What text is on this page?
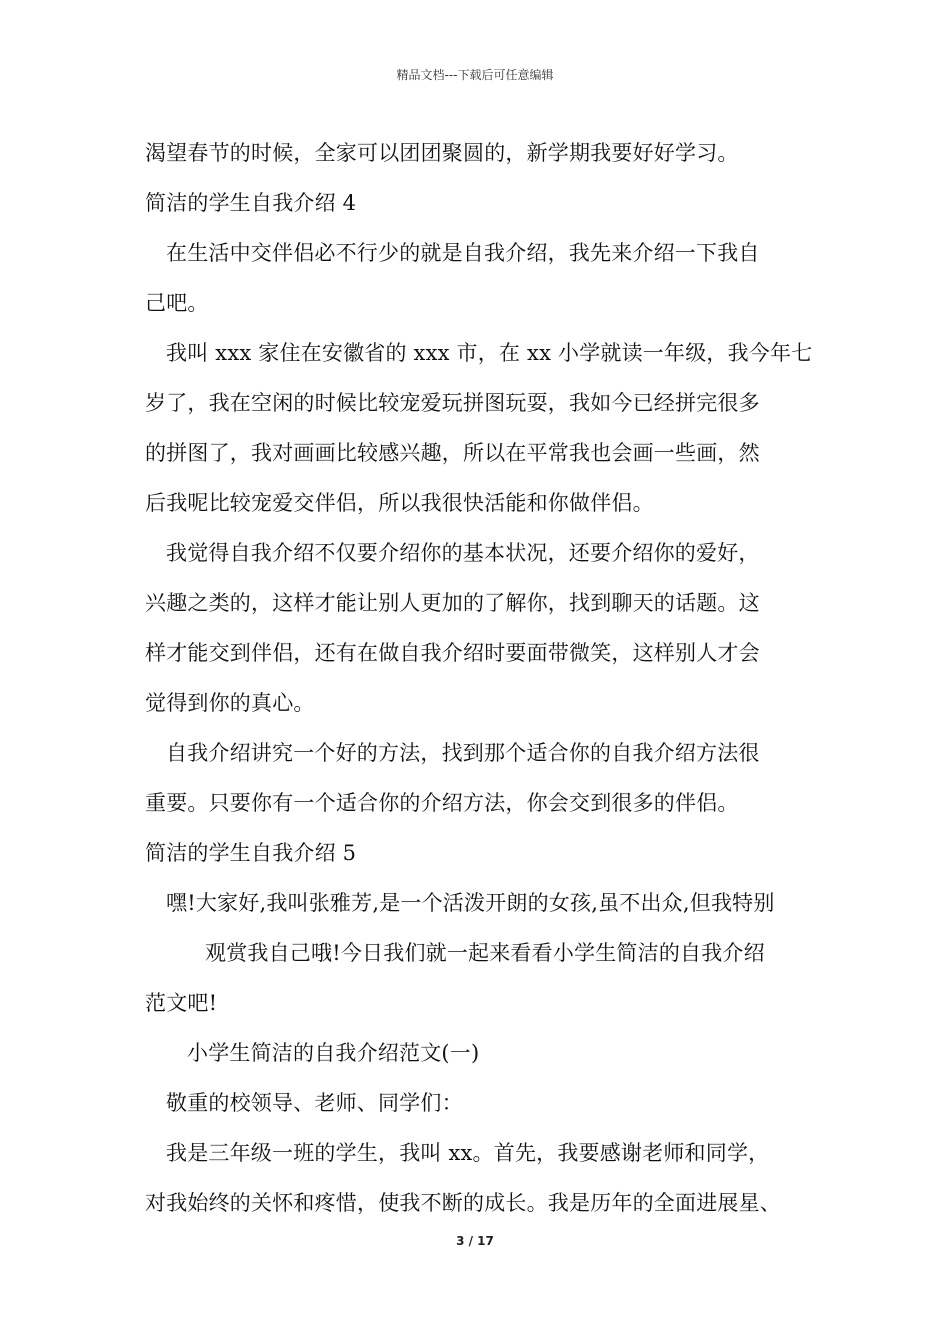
精品文档---下载后可任意编辑
渴望春节的时候，全家可以团团聚圆的，新学期我要好好学习。
简洁的学生自我介绍 4
在生活中交伴侣必不行少的就是自我介绍，我先来介绍一下我自
己吧。
我叫 xxx 家住在安徽省的 xxx 市，在 xx 小学就读一年级，我今年七
岁了，我在空闲的时候比较宠爱玩拼图玩耍，我如今已经拼完很多
的拼图了，我对画画比较感兴趣，所以在平常我也会画一些画，然
后我呢比较宠爱交伴侣，所以我很快活能和你做伴侣。
我觉得自我介绍不仅要介绍你的基本状况，还要介绍你的爱好，
兴趣之类的，这样才能让别人更加的了解你，找到聊天的话题。这
样才能交到伴侣，还有在做自我介绍时要面带微笑，这样别人才会
觉得到你的真心。
自我介绍讲究一个好的方法，找到那个适合你的自我介绍方法很
重要。只要你有一个适合你的介绍方法，你会交到很多的伴侣。
简洁的学生自我介绍 5
嘿!大家好,我叫张雅芳,是一个活泼开朗的女孩,虽不出众,但我特别
观赏我自己哦!今日我们就一起来看看小学生简洁的自我介绍
范文吧!
小学生简洁的自我介绍范文(一)
敬重的校领导、老师、同学们：
我是三年级一班的学生，我叫 xx。首先，我要感谢老师和同学，
对我始终的关怀和疼惜，使我不断的成长。我是历年的全面进展星、
3 / 17
